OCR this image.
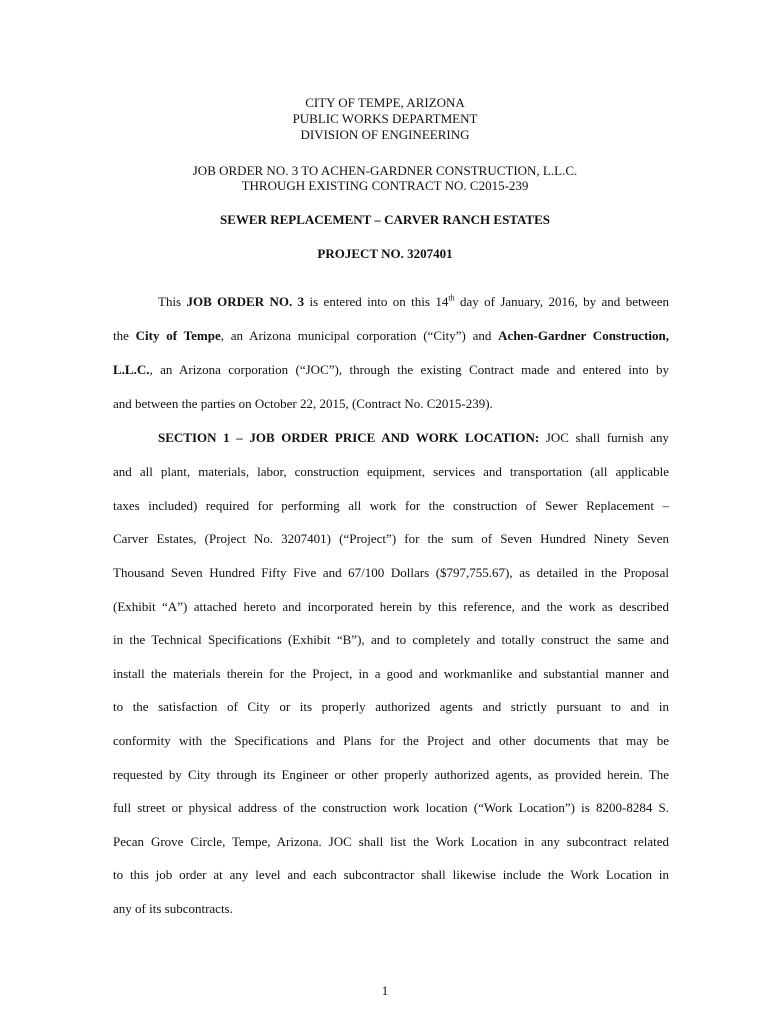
CITY OF TEMPE, ARIZONA
PUBLIC WORKS DEPARTMENT
DIVISION OF ENGINEERING
JOB ORDER NO. 3 TO ACHEN-GARDNER CONSTRUCTION, L.L.C.
THROUGH EXISTING CONTRACT NO. C2015-239
SEWER REPLACEMENT – CARVER RANCH ESTATES
PROJECT NO. 3207401
This JOB ORDER NO. 3 is entered into on this 14th day of January, 2016, by and between
the City of Tempe, an Arizona municipal corporation (“City”) and Achen-Gardner Construction,
L.L.C., an Arizona corporation (“JOC”), through the existing Contract made and entered into by
and between the parties on October 22, 2015, (Contract No. C2015-239).
SECTION 1 – JOB ORDER PRICE AND WORK LOCATION: JOC shall furnish any
and all plant, materials, labor, construction equipment, services and transportation (all applicable
taxes included) required for performing all work for the construction of Sewer Replacement –
Carver Estates, (Project No. 3207401) (“Project”) for the sum of Seven Hundred Ninety Seven
Thousand Seven Hundred Fifty Five and 67/100 Dollars ($797,755.67), as detailed in the Proposal
(Exhibit “A”) attached hereto and incorporated herein by this reference, and the work as described
in the Technical Specifications (Exhibit “B”), and to completely and totally construct the same and
install the materials therein for the Project, in a good and workmanlike and substantial manner and
to the satisfaction of City or its properly authorized agents and strictly pursuant to and in
conformity with the Specifications and Plans for the Project and other documents that may be
requested by City through its Engineer or other properly authorized agents, as provided herein. The
full street or physical address of the construction work location (“Work Location”) is 8200-8284 S.
Pecan Grove Circle, Tempe, Arizona. JOC shall list the Work Location in any subcontract related
to this job order at any level and each subcontractor shall likewise include the Work Location in
any of its subcontracts.
1
